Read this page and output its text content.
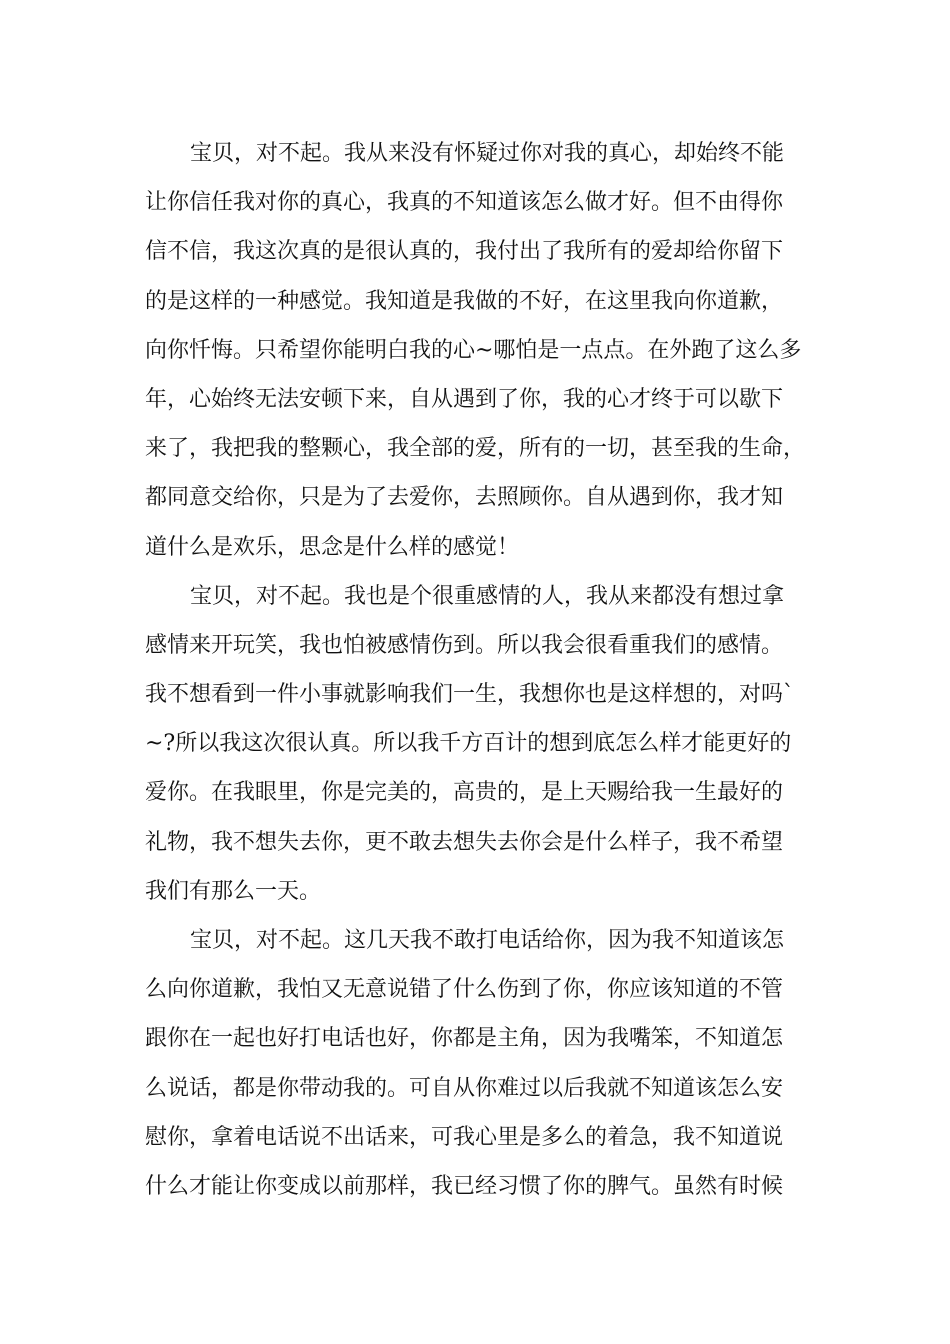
宝贝，对不起。我从来没有怀疑过你对我的真心，却始终不能
让你信任我对你的真心，我真的不知道该怎么做才好。但不由得你
信不信，我这次真的是很认真的，我付出了我所有的爱却给你留下
的是这样的一种感觉。我知道是我做的不好，在这里我向你道歉，
向你忏悔。只希望你能明白我的心~哪怕是一点点。在外跑了这么多
年，心始终无法安顿下来，自从遇到了你，我的心才终于可以歇下
来了，我把我的整颗心，我全部的爱，所有的一切，甚至我的生命，
都同意交给你，只是为了去爱你，去照顾你。自从遇到你，我才知
道什么是欢乐，思念是什么样的感觉！
宝贝，对不起。我也是个很重感情的人，我从来都没有想过拿
感情来开玩笑，我也怕被感情伤到。所以我会很看重我们的感情。
我不想看到一件小事就影响我们一生，我想你也是这样想的，对吗`
~?所以我这次很认真。所以我千方百计的想到底怎么样才能更好的
爱你。在我眼里，你是完美的，高贵的，是上天赐给我一生最好的
礼物，我不想失去你，更不敢去想失去你会是什么样子，我不希望
我们有那么一天。
宝贝，对不起。这几天我不敢打电话给你，因为我不知道该怎
么向你道歉，我怕又无意说错了什么伤到了你，你应该知道的不管
跟你在一起也好打电话也好，你都是主角，因为我嘴笨，不知道怎
么说话，都是你带动我的。可自从你难过以后我就不知道该怎么安
慰你，拿着电话说不出话来，可我心里是多么的着急，我不知道说
什么才能让你变成以前那样，我已经习惯了你的脾气。虽然有时候
